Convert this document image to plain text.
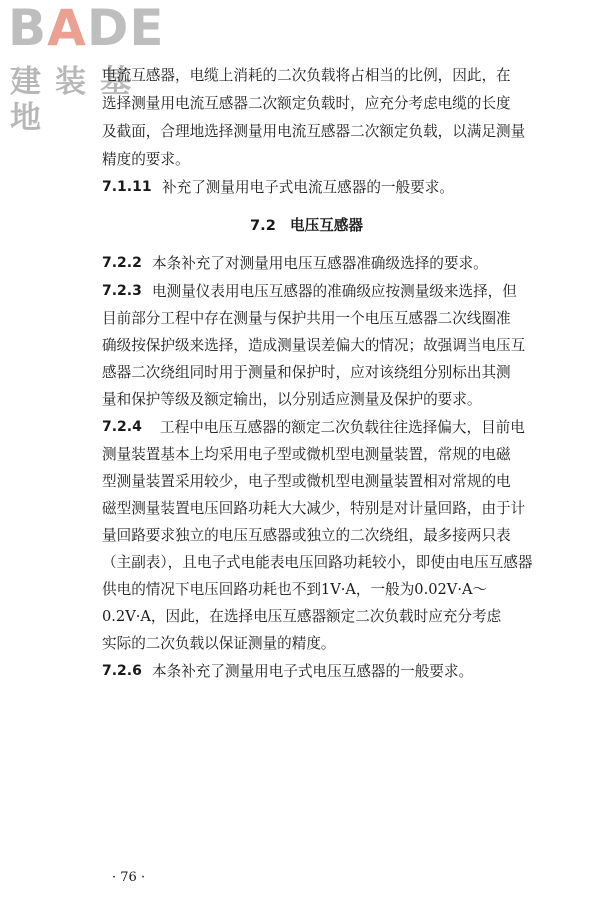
BADE
建装基地
电流互感器，电缆上消耗的二次负载将占相当的比例，因此，在
选择测量用电流互感器二次额定负载时，应充分考虑电缆的长度
及截面，合理地选择测量用电流互感器二次额定负载，以满足测量
精度的要求。
7.1.11 补充了测量用电子式电流互感器的一般要求。
7.2 电压互感器
7.2.2 本条补充了对测量用电压互感器准确级选择的要求。
7.2.3 电测量仪表用电压互感器的准确级应按测量级来选择，但
目前部分工程中存在测量与保护共用一个电压互感器二次线圈准
确级按保护级来选择，造成测量误差偏大的情况；故强调当电压互
感器二次绕组同时用于测量和保护时，应对该绕组分别标出其测
量和保护等级及额定输出，以分别适应测量及保护的要求。
7.2.4 工程中电压互感器的额定二次负载往往选择偏大，目前电
测量装置基本上均采用电子型或微机型电测量装置，常规的电磁
型测量装置采用较少，电子型或微机型电测量装置相对常规的电
磁型测量装置电压回路功耗大大减少，特别是对计量回路，由于计
量回路要求独立的电压互感器或独立的二次绕组，最多接两只表
（主副表），且电子式电能表电压回路功耗较小，即使由电压互感器
供电的情况下电压回路功耗也不到1V·A，一般为0.02V·A～
0.2V·A，因此，在选择电压互感器额定二次负载时应充分考虑
实际的二次负载以保证测量的精度。
7.2.6 本条补充了测量用电子式电压互感器的一般要求。
· 76 ·
